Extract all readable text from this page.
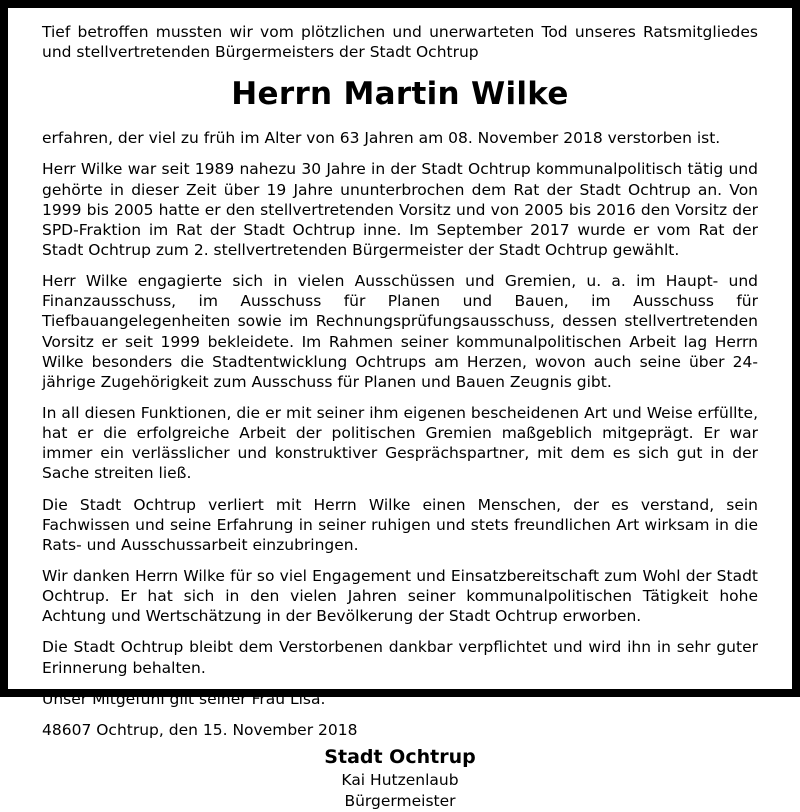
Tief betroffen mussten wir vom plötzlichen und unerwarteten Tod unseres Ratsmitgliedes und stellvertretenden Bürgermeisters der Stadt Ochtrup

Herrn Martin Wilke

erfahren, der viel zu früh im Alter von 63 Jahren am 08. November 2018 verstorben ist.

Herr Wilke war seit 1989 nahezu 30 Jahre in der Stadt Ochtrup kommunalpolitisch tätig und gehörte in dieser Zeit über 19 Jahre ununterbrochen dem Rat der Stadt Ochtrup an. Von 1999 bis 2005 hatte er den stellvertretenden Vorsitz und von 2005 bis 2016 den Vorsitz der SPD-Fraktion im Rat der Stadt Ochtrup inne. Im September 2017 wurde er vom Rat der Stadt Ochtrup zum 2. stellvertretenden Bürgermeister der Stadt Ochtrup gewählt.

Herr Wilke engagierte sich in vielen Ausschüssen und Gremien, u. a. im Haupt- und Finanzausschuss, im Ausschuss für Planen und Bauen, im Ausschuss für Tiefbauangelegenheiten sowie im Rechnungsprüfungsausschuss, dessen stellvertretenden Vorsitz er seit 1999 bekleidete. Im Rahmen seiner kommunalpolitischen Arbeit lag Herrn Wilke besonders die Stadtentwicklung Ochtrups am Herzen, wovon auch seine über 24-jährige Zugehörigkeit zum Ausschuss für Planen und Bauen Zeugnis gibt.

In all diesen Funktionen, die er mit seiner ihm eigenen bescheidenen Art und Weise erfüllte, hat er die erfolgreiche Arbeit der politischen Gremien maßgeblich mitgeprägt. Er war immer ein verlässlicher und konstruktiver Gesprächspartner, mit dem es sich gut in der Sache streiten ließ.

Die Stadt Ochtrup verliert mit Herrn Wilke einen Menschen, der es verstand, sein Fachwissen und seine Erfahrung in seiner ruhigen und stets freundlichen Art wirksam in die Rats- und Ausschussarbeit einzubringen.

Wir danken Herrn Wilke für so viel Engagement und Einsatzbereitschaft zum Wohl der Stadt Ochtrup. Er hat sich in den vielen Jahren seiner kommunalpolitischen Tätigkeit hohe Achtung und Wertschätzung in der Bevölkerung der Stadt Ochtrup erworben.

Die Stadt Ochtrup bleibt dem Verstorbenen dankbar verpflichtet und wird ihn in sehr guter Erinnerung behalten.

Unser Mitgefühl gilt seiner Frau Lisa.

48607 Ochtrup, den 15. November 2018

Stadt Ochtrup
Kai Hutzenlaub
Bürgermeister
